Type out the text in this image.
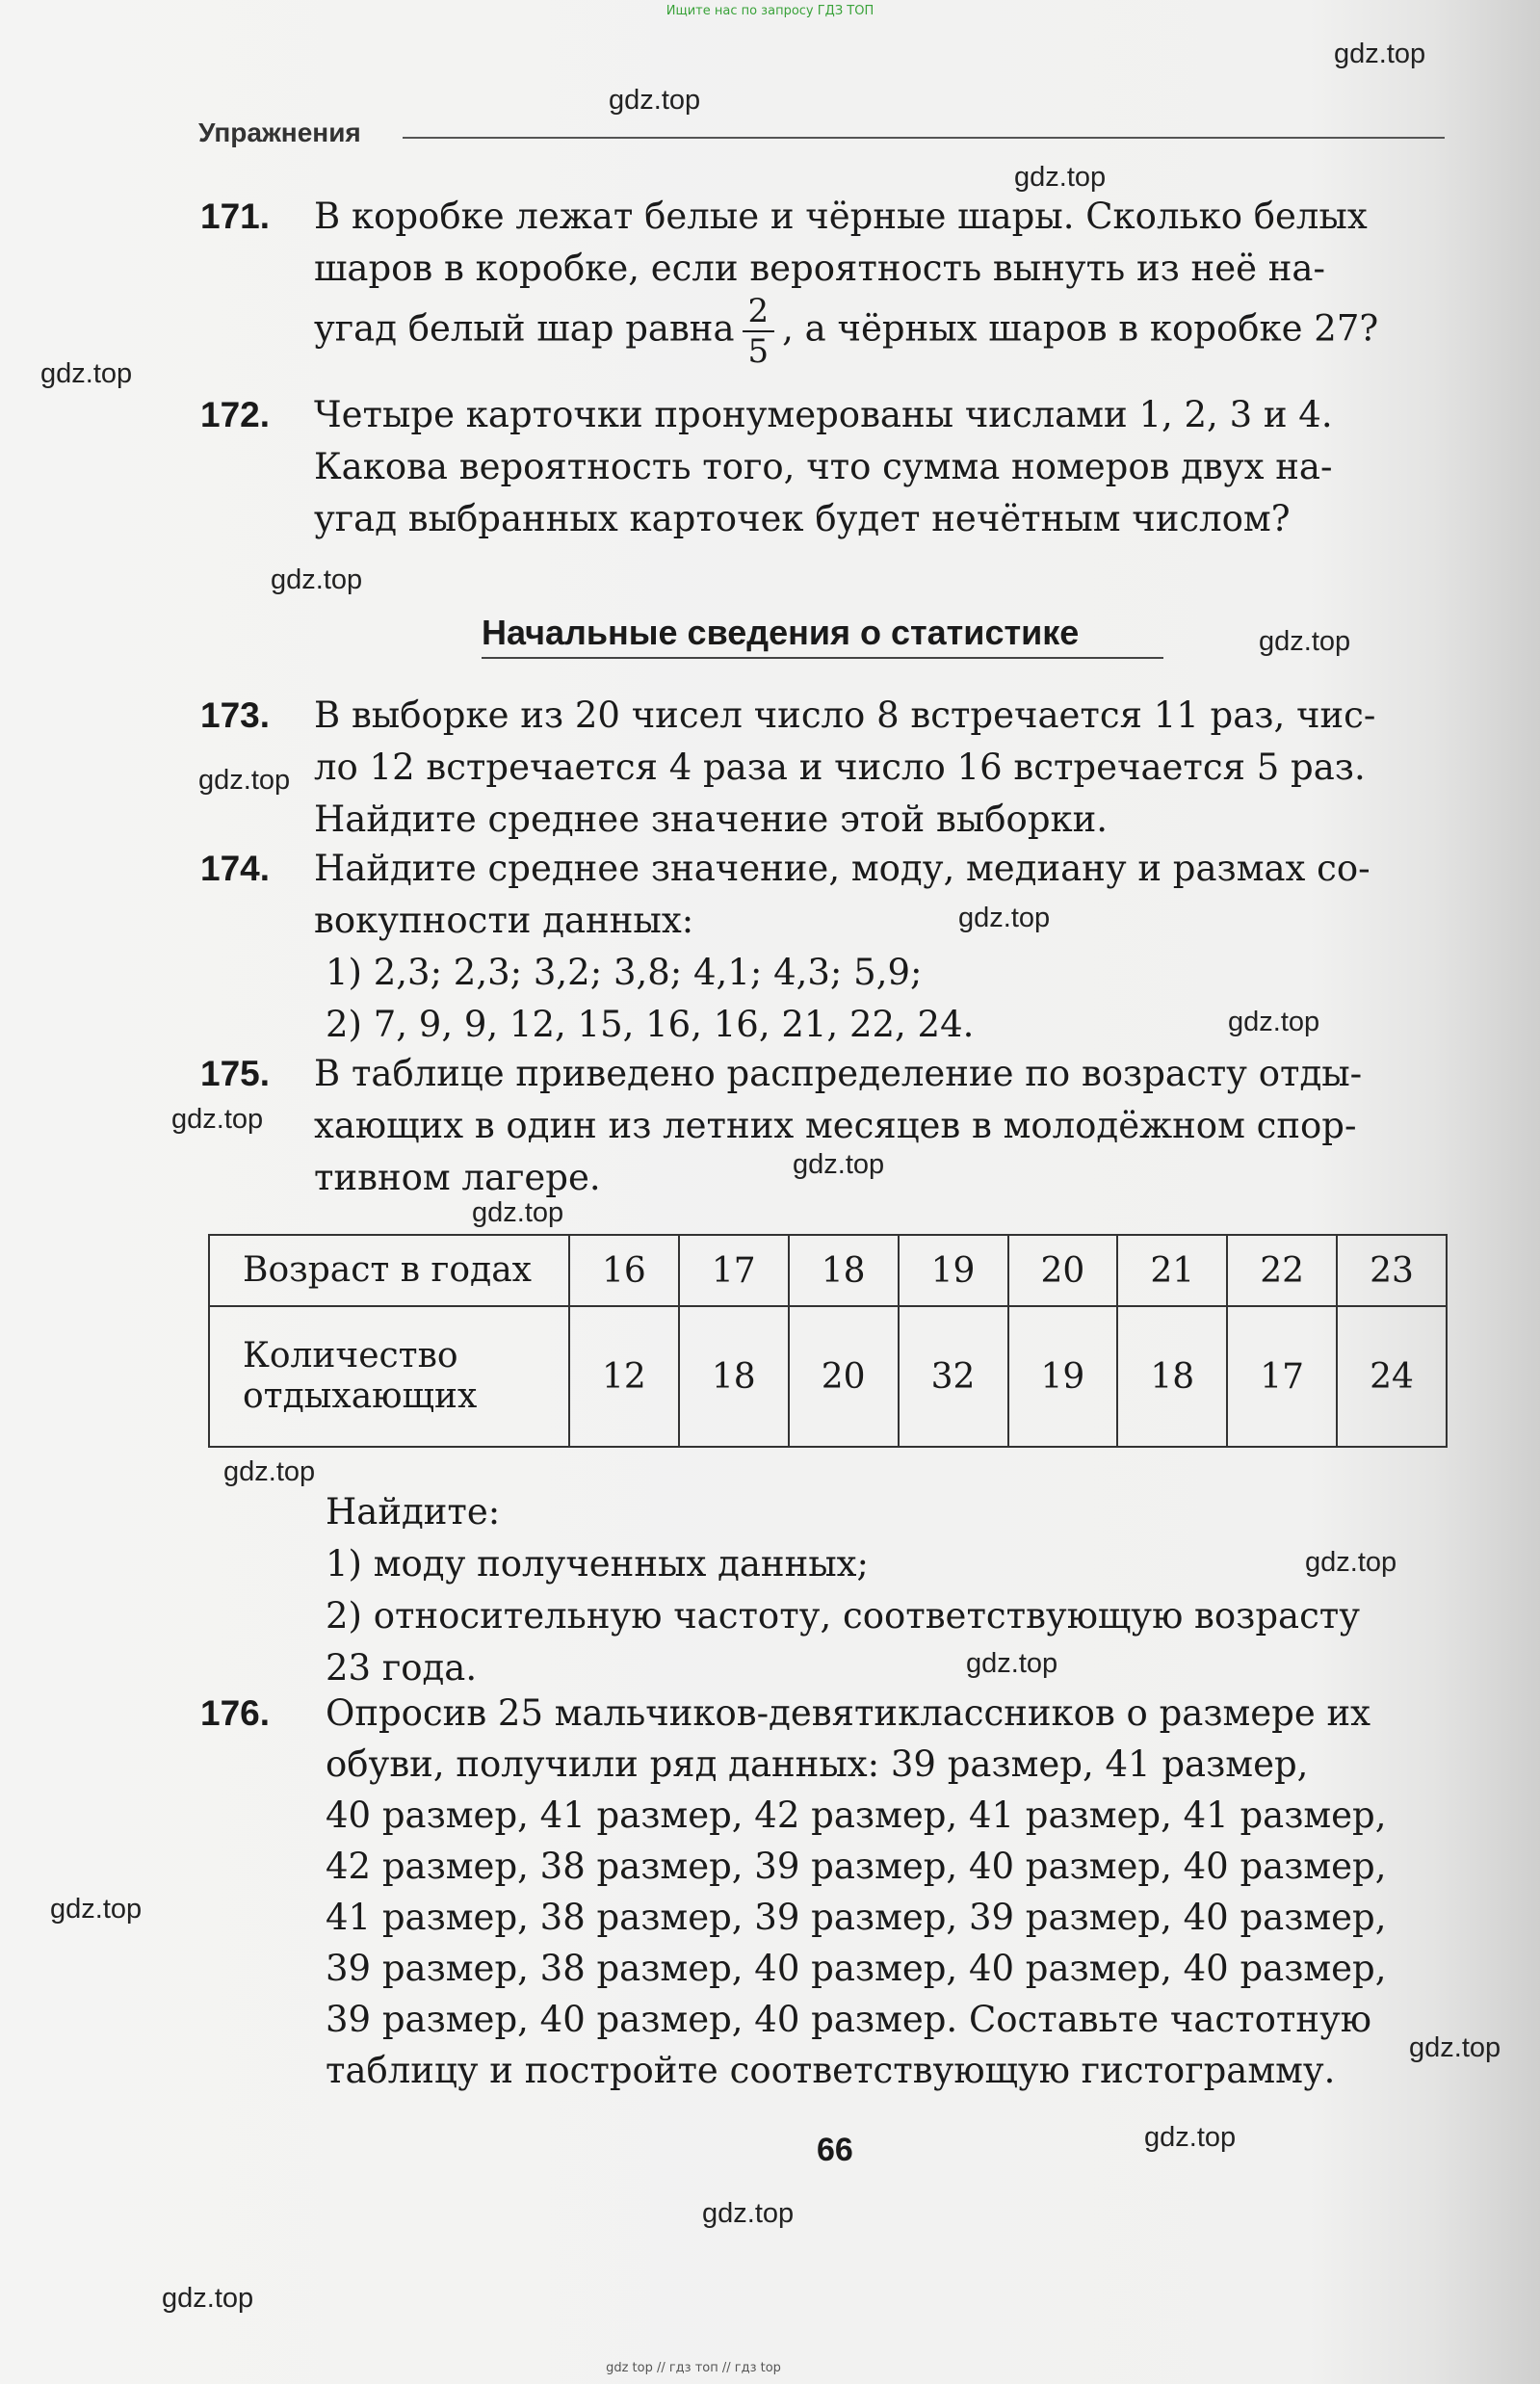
Ищите нас по запросу ГДЗ ТОП
gdz.top
gdz.top
gdz.top
gdz.top
gdz.top
gdz.top
gdz.top
gdz.top
gdz.top
gdz.top
gdz.top
gdz.top
gdz.top
gdz.top
gdz.top
gdz.top
gdz.top
gdz.top
gdz.top
gdz.top
Упражнения
171. В коробке лежат белые и чёрные шары. Сколько белых
шаров в коробке, если вероятность вынуть из неё на-
угад белый шар равна $\frac{2}{5}$ , а чёрных шаров в коробке 27?
172. Четыре карточки пронумерованы числами 1, 2, 3 и 4.
Какова вероятность того, что сумма номеров двух на-
угад выбранных карточек будет нечётным числом?
Начальные сведения о статистике
173. В выборке из 20 чисел число 8 встречается 11 раз, чис-
ло 12 встречается 4 раза и число 16 встречается 5 раз.
Найдите среднее значение этой выборки.
174. Найдите среднее значение, моду, медиану и размах со-
вокупности данных:
1) 2,3; 2,3; 3,2; 3,8; 4,1; 4,3; 5,9;
2) 7, 9, 9, 12, 15, 16, 16, 21, 22, 24.
175. В таблице приведено распределение по возрасту отды-
хающих в один из летних месяцев в молодёжном спор-
тивном лагере.
Возраст в годах	16	17	18	19	20	21	22	23

Количество
отдыхающих	12	18	20	32	19	18	17	24
Найдите:
1) моду полученных данных;
2) относительную частоту, соответствующую возрасту
23 года.
176. Опросив 25 мальчиков-девятиклассников о размере их
обуви, получили ряд данных: 39 размер, 41 размер,
40 размер, 41 размер, 42 размер, 41 размер, 41 размер,
42 размер, 38 размер, 39 размер, 40 размер, 40 размер,
41 размер, 38 размер, 39 размер, 39 размер, 40 размер,
39 размер, 38 размер, 40 размер, 40 размер, 40 размер,
39 размер, 40 размер, 40 размер. Составьте частотную
таблицу и постройте соответствующую гистограмму.
66
gdz top // гдз топ // гдз top
